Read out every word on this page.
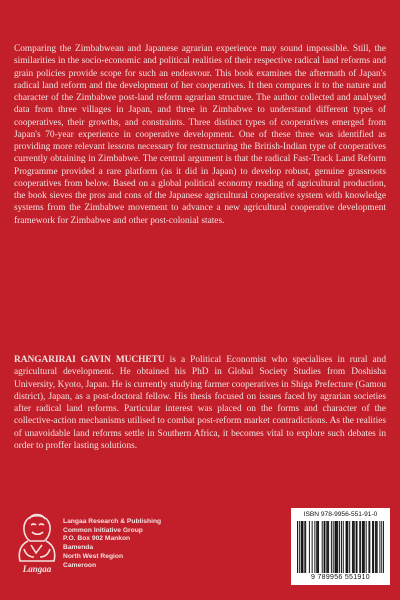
Comparing the Zimbabwean and Japanese agrarian experience may sound impossible. Still, the similarities in the socio-economic and political realities of their respective radical land reforms and grain policies provide scope for such an endeavour. This book examines the aftermath of Japan's radical land reform and the development of her cooperatives. It then compares it to the nature and character of the Zimbabwe post-land reform agrarian structure. The author collected and analysed data from three villages in Japan, and three in Zimbabwe to understand different types of cooperatives, their growths, and constraints. Three distinct types of cooperatives emerged from Japan's 70-year experience in cooperative development. One of these three was identified as providing more relevant lessons necessary for restructuring the British-Indian type of cooperatives currently obtaining in Zimbabwe. The central argument is that the radical Fast-Track Land Reform Programme provided a rare platform (as it did in Japan) to develop robust, genuine grassroots cooperatives from below. Based on a global political economy reading of agricultural production, the book sieves the pros and cons of the Japanese agricultural cooperative system with knowledge systems from the Zimbabwe movement to advance a new agricultural cooperative development framework for Zimbabwe and other post-colonial states.

RANGARIRAI GAVIN MUCHETU is a Political Economist who specialises in rural and agricultural development. He obtained his PhD in Global Society Studies from Doshisha University, Kyoto, Japan. He is currently studying farmer cooperatives in Shiga Prefecture (Gamou district), Japan, as a post-doctoral fellow. His thesis focused on issues faced by agrarian societies after radical land reforms. Particular interest was placed on the forms and character of the collective-action mechanisms utilised to combat post-reform market contradictions. As the realities of unavoidable land reforms settle in Southern Africa, it becomes vital to explore such debates in order to proffer lasting solutions.

Langaa
Langaa Research & Publishing
Common Initiative Group
P.O. Box 902 Mankon
Bamenda
North West Region
Cameroon
ISBN 978-9956-551-91-0
9 789956 551910
